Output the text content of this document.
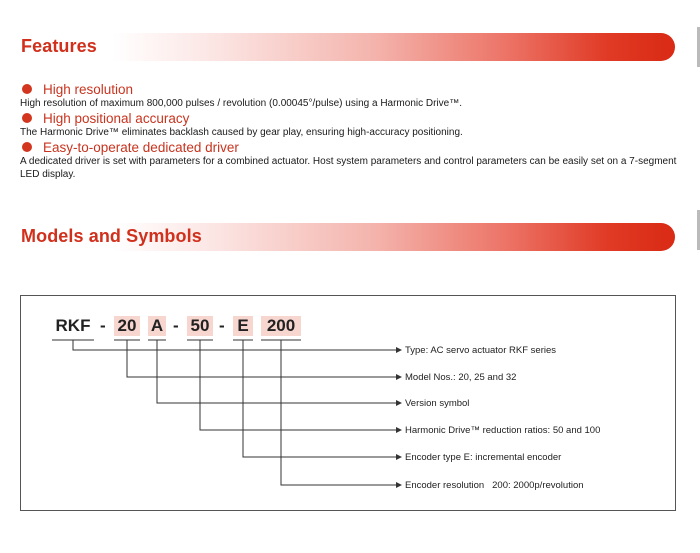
Features
High resolution
High resolution of maximum 800,000 pulses / revolution (0.00045°/pulse) using a Harmonic Drive™.
High positional accuracy
The Harmonic Drive™ eliminates backlash caused by gear play, ensuring high-accuracy positioning.
Easy-to-operate dedicated driver
A dedicated driver is set with parameters for a combined actuator. Host system parameters and control parameters can be easily set on a 7-segment LED display.
Models and Symbols
RKF - 20 A - 50 - E	200
Type: AC servo actuator RKF series
Model Nos.: 20, 25 and 32
Version symbol
Harmonic Drive™ reduction ratios: 50 and 100
Encoder type E: incremental encoder
Encoder resolution   200: 2000p/revolution
